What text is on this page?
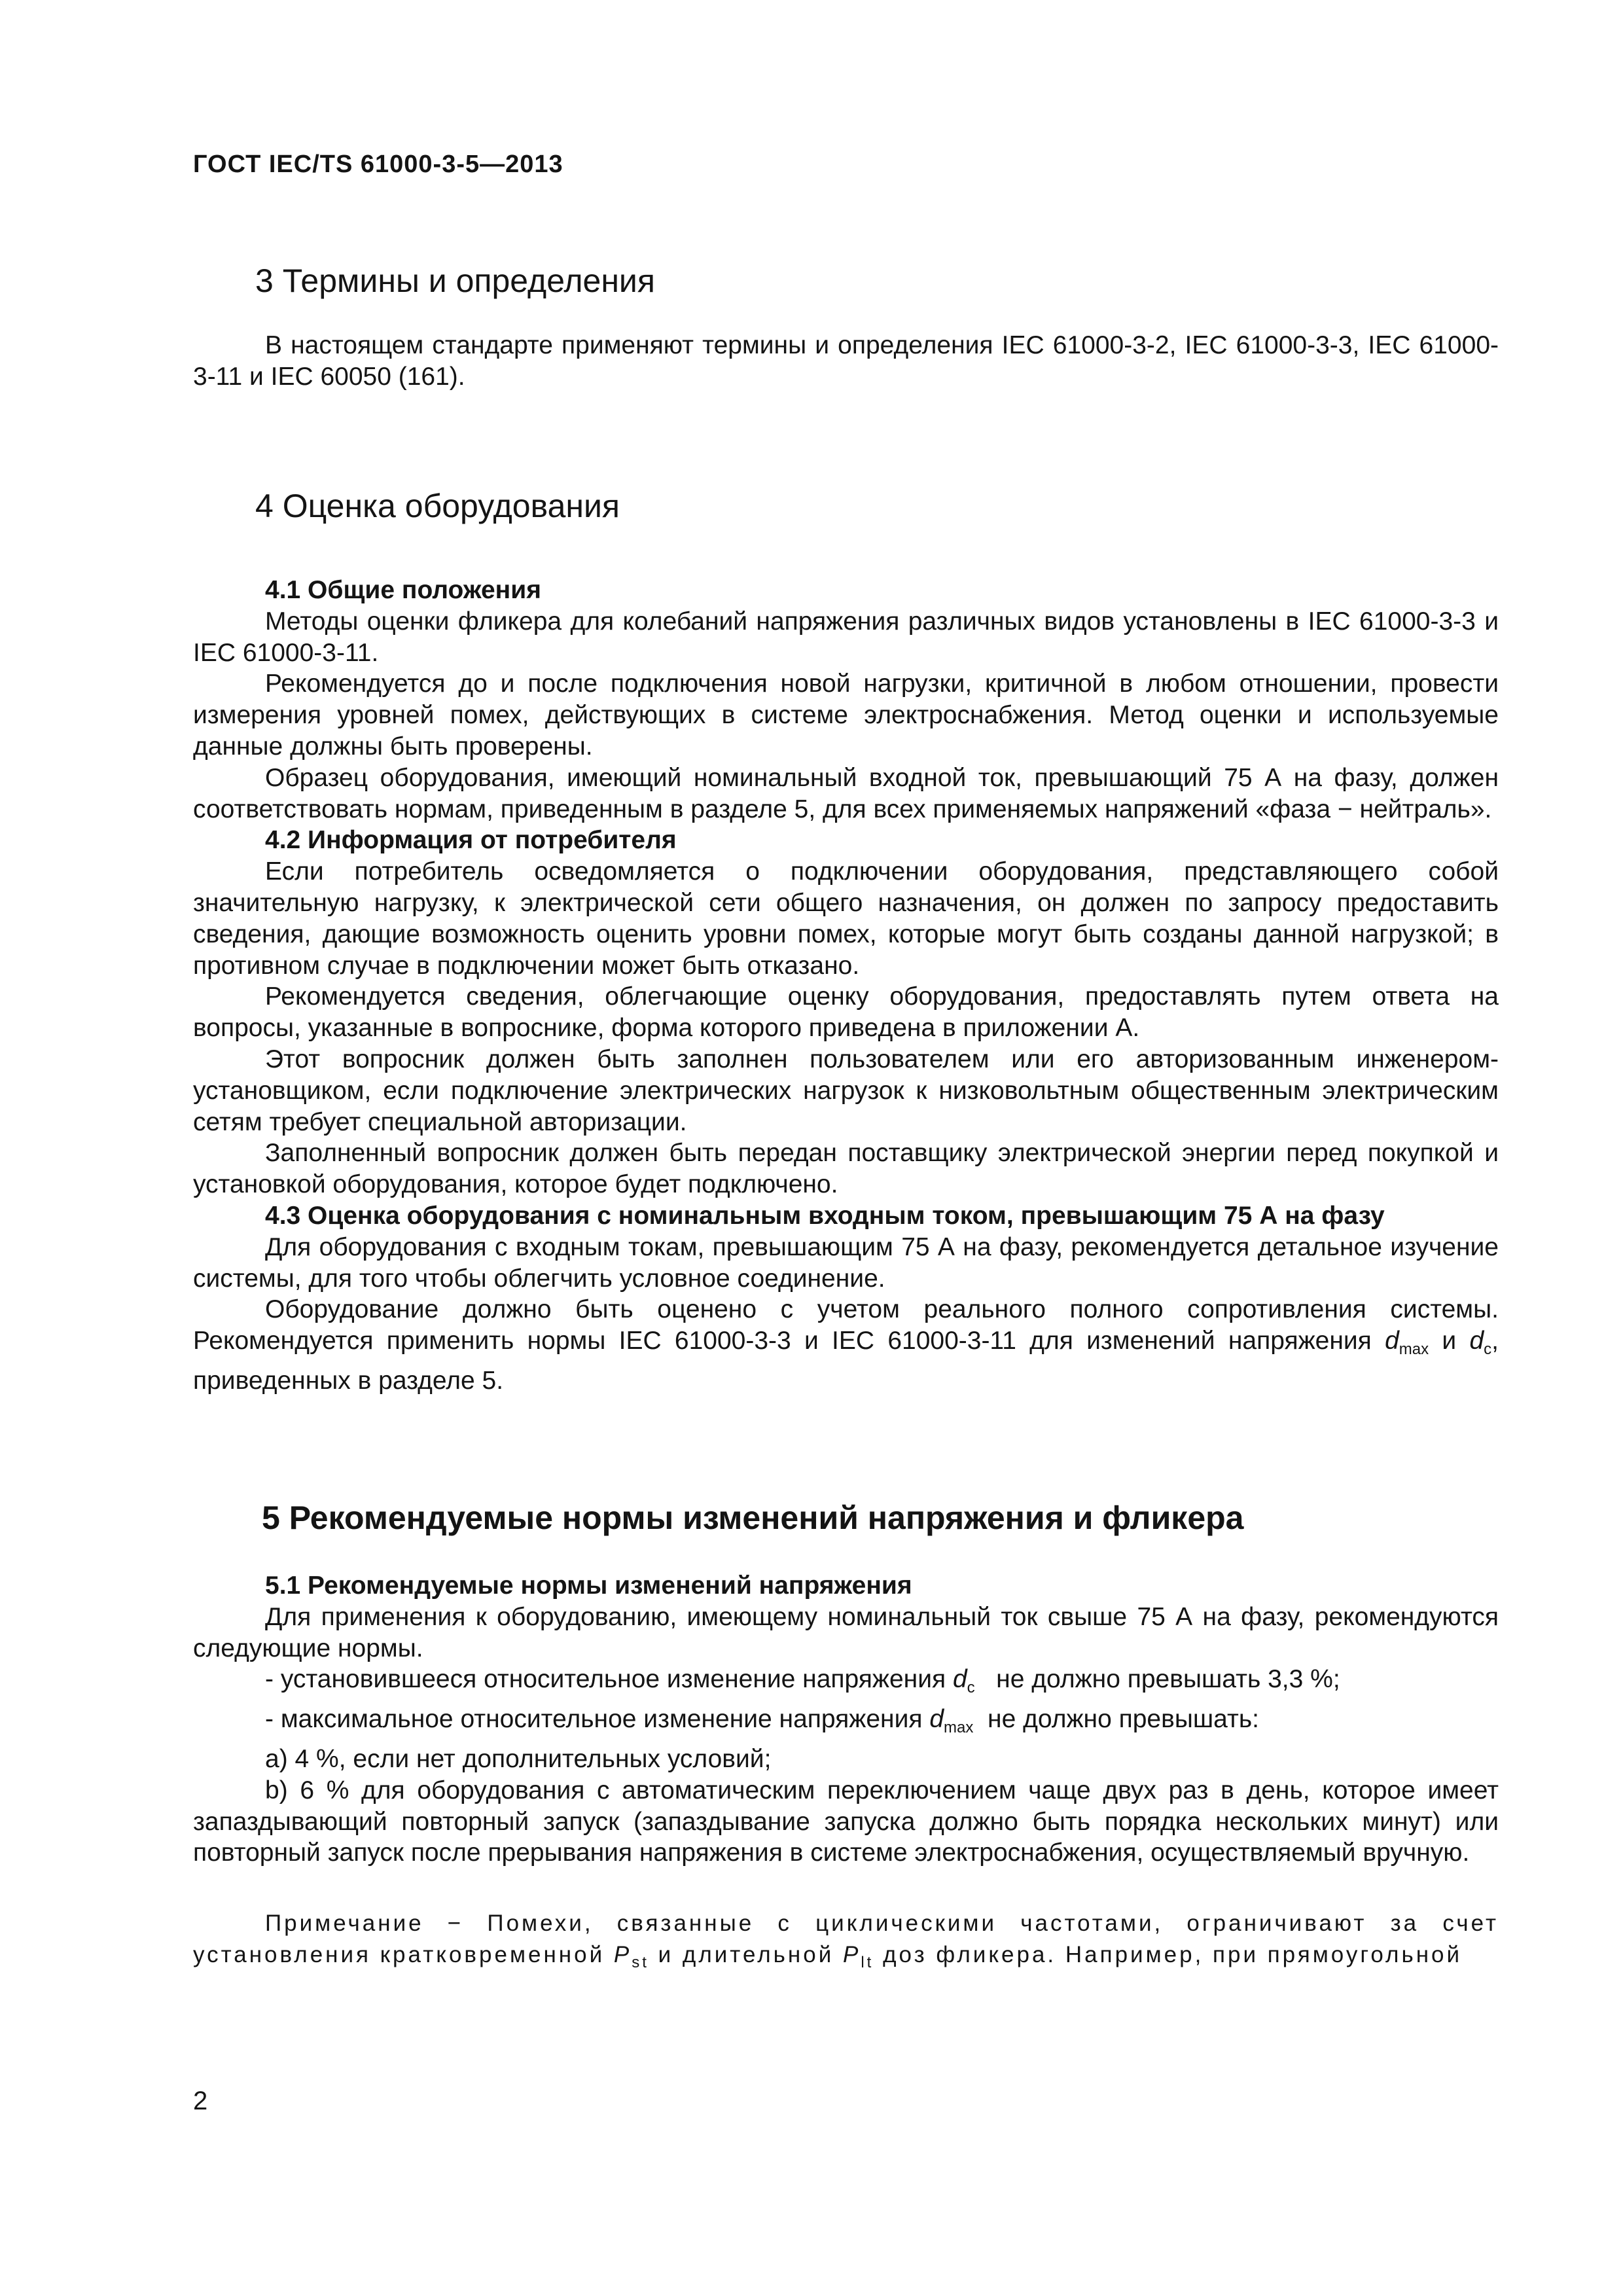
ГОСТ IEC/TS 61000-3-5—2013
3 Термины и определения

В настоящем стандарте применяют термины и определения IEC 61000-3-2, IEC 61000-3-3, IEC 61000-3-11 и IEC 60050 (161).

4 Оценка оборудования

4.1 Общие положения

Методы оценки фликера для колебаний напряжения различных видов установлены в IEC 61000-3-3 и IEC 61000-3-11.

Рекомендуется до и после подключения новой нагрузки, критичной в любом отношении, провести измерения уровней помех, действующих в системе электроснабжения. Метод оценки и используемые данные должны быть проверены.

Образец оборудования, имеющий номинальный входной ток, превышающий 75 А на фазу, должен соответствовать нормам, приведенным в разделе 5, для всех применяемых напряжений «фаза − нейтраль».

4.2 Информация от потребителя

Если потребитель осведомляется о подключении оборудования, представляющего собой значительную нагрузку, к электрической сети общего назначения, он должен по запросу предоставить сведения, дающие возможность оценить уровни помех, которые могут быть созданы данной нагрузкой; в противном случае в подключении может быть отказано.

Рекомендуется сведения, облегчающие оценку оборудования, предоставлять путем ответа на вопросы, указанные в вопроснике, форма которого приведена в приложении А.

Этот вопросник должен быть заполнен пользователем или его авторизованным инженером-установщиком, если подключение электрических нагрузок к низковольтным общественным электрическим сетям требует специальной авторизации.

Заполненный вопросник должен быть передан поставщику электрической энергии перед покупкой и установкой оборудования, которое будет подключено.

4.3 Оценка оборудования с номинальным входным током, превышающим 75 А на фазу

Для оборудования с входным токам, превышающим 75 А на фазу, рекомендуется детальное изучение системы, для того чтобы облегчить условное соединение.

Оборудование должно быть оценено с учетом реального полного сопротивления системы. Рекомендуется применить нормы IEC 61000-3-3 и IEC 61000-3-11 для изменений напряжения $d_{max}$ и $d_c$, приведенных в разделе 5.

5 Рекомендуемые нормы изменений напряжения и фликера

5.1 Рекомендуемые нормы изменений напряжения

Для применения к оборудованию, имеющему номинальный ток свыше 75 А на фазу, рекомендуются следующие нормы.

- установившееся относительное изменение напряжения $d_c$ не должно превышать 3,3 %;

- максимальное относительное изменение напряжения $d_{max}$ не должно превышать:

а) 4 %, если нет дополнительных условий;

b) 6 % для оборудования с автоматическим переключением чаще двух раз в день, которое имеет запаздывающий повторный запуск (запаздывание запуска должно быть порядка нескольких минут) или повторный запуск после прерывания напряжения в системе электроснабжения, осуществляемый вручную.

Примечание − Помехи, связанные с циклическими частотами, ограничивают за счет установления кратковременной $P_{st}$ и длительной $P_{lt}$ доз фликера. Например, при прямоугольной

2
